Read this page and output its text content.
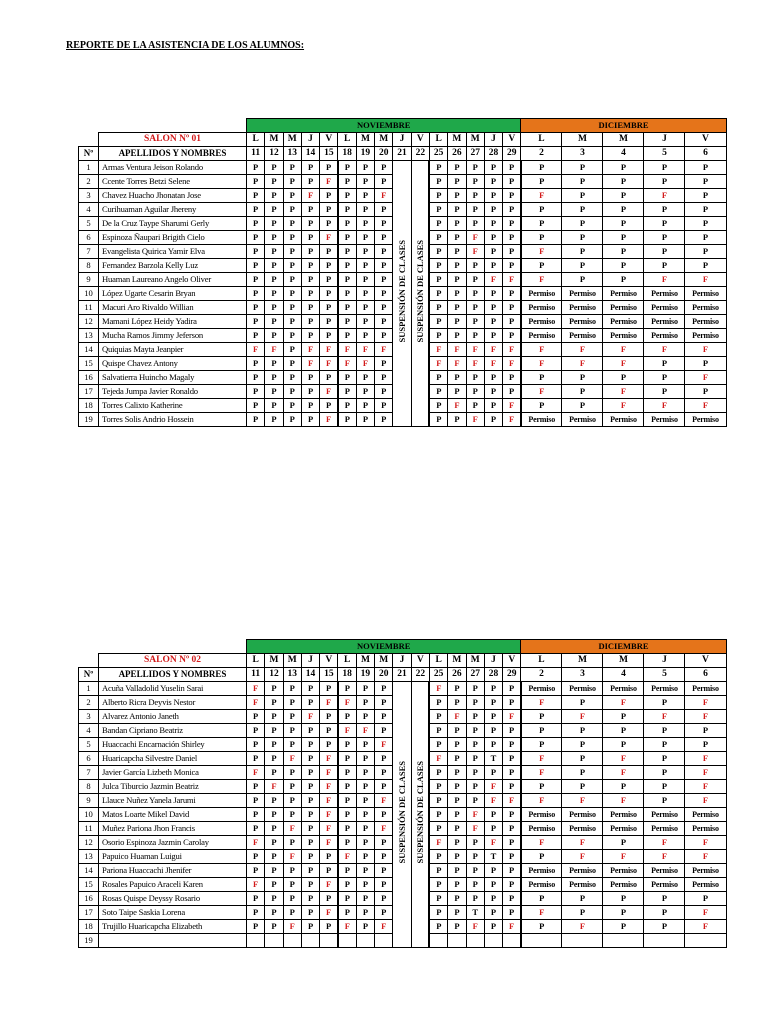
REPORTE DE LA ASISTENCIA DE LOS ALUMNOS:
		NOVIEMBRE															DICIEMBRE				
	SALON Nº 01	L	M	M	J	V	L	M	M	J	V	L	M	M	J	V	L	M	M	J	V
Nº	APELLIDOS Y NOMBRES	11	12	13	14	15	18	19	20	21	22	25	26	27	28	29	2	3	4	5	6
1	Armas Ventura Jeison Rolando	P	P	P	P	P	P	P	P	SUSPENSIÓN DE CLASES	SUSPENSIÓN DE CLASES	P	P	P	P	P	P	P	P	P	P
2	Ccente Torres Betzi Selene	P	P	P	P	F	P	P	P			P	P	P	P	P	P	P	P	P	P
3	Chavez Huacho Jhonatan Jose	P	P	P	F	P	P	P	F			P	P	P	P	P	F	P	P	F	P
4	Curihuaman Aguilar Jhereny	P	P	P	P	P	P	P	P			P	P	P	P	P	P	P	P	P	P
5	De la Cruz Taype Sharumi Gerly	P	P	P	P	P	P	P	P			P	P	P	P	P	P	P	P	P	P
6	Espinoza Ñaupari Brigith Cielo	P	P	P	P	F	P	P	P			P	P	F	P	P	P	P	P	P	P
7	Evangelista Quirica Yamir Elva	P	P	P	P	P	P	P	P			P	P	F	P	P	F	P	P	P	P
8	Fernandez Barzola Kelly Luz	P	P	P	P	P	P	P	P			P	P	P	P	P	P	P	P	P	P
9	Huaman Laureano Angelo Oliver	P	P	P	P	P	P	P	P			P	P	P	F	F	F	P	P	F	F
10	López Ugarte Cesarin Bryan	P	P	P	P	P	P	P	P			P	P	P	P	P	Permiso	Permiso	Permiso	Permiso	Permiso
11	Macuri Aro Rivaldo Willian	P	P	P	P	P	P	P	P			P	P	P	P	P	Permiso	Permiso	Permiso	Permiso	Permiso
12	Mamani López Heidy Yadira	P	P	P	P	P	P	P	P			P	P	P	P	P	Permiso	Permiso	Permiso	Permiso	Permiso
13	Mucha Ramos Jimmy Jeferson	P	P	P	P	P	P	P	P			P	P	P	P	P	Permiso	Permiso	Permiso	Permiso	Permiso
14	Quiquias Mayta Jeanpier	F	F	P	F	F	F	F	F			F	F	F	F	F	F	F	F	F	F
15	Quispe Chavez Antony	P	P	P	F	F	F	F	P			F	F	F	F	F	F	F	F	P	P
16	Salvatierra Huincho Magaly	P	P	P	P	P	P	P	P			P	P	P	P	P	P	P	P	P	F
17	Tejeda Jumpa Javier Ronaldo	P	P	P	P	F	P	P	P			P	P	P	P	P	F	P	F	P	P
18	Torres Calixto Katherine	P	P	P	P	P	P	P	P			P	F	P	P	F	P	P	F	F	F
19	Torres Solis Andrio Hossein	P	P	P	P	F	P	P	P			P	P	F	P	F	Permiso	Permiso	Permiso	Permiso	Permiso
		NOVIEMBRE															DICIEMBRE				
	SALON Nº 02	L	M	M	J	V	L	M	M	J	V	L	M	M	J	V	L	M	M	J	V
Nº	APELLIDOS Y NOMBRES	11	12	13	14	15	18	19	20	21	22	25	26	27	28	29	2	3	4	5	6
1	Acuña Valladolid Yuselin Sarai	F	P	P	P	P	P	P	P	SUSPENSIÓN DE CLASES	SUSPENSIÓN DE CLASES	F	P	P	P	P	Permiso	Permiso	Permiso	Permiso	Permiso
2	Alberto Ricra Deyvis Nestor	F	P	P	P	F	F	P	P			P	P	P	P	P	F	P	F	P	F
3	Alvarez Antonio Janeth	P	P	P	F	P	P	P	P			P	F	P	P	F	P	F	P	F	F
4	Bandan Cipriano Beatriz	P	P	P	P	P	F	F	P			P	P	P	P	P	P	P	P	P	P
5	Huaccachi Encarnación Shirley	P	P	P	P	P	P	P	F			P	P	P	P	P	P	P	P	P	P
6	Huaricapcha Silvestre Daniel	P	P	F	P	F	P	P	P			F	P	P	T	P	F	P	F	P	F
7	Javier García Lizbeth Monica	F	P	P	P	F	P	P	P			P	P	P	P	P	F	P	F	P	F
8	Julca Tiburcio Jazmin Beatriz	P	F	P	P	F	P	P	P			P	P	P	F	P	P	P	P	P	F
9	Llauce Nuñez Yanela Jarumi	P	P	P	P	F	P	P	F			P	P	P	F	F	F	F	F	P	F
10	Matos Loarte Mikel David	P	P	P	P	F	P	P	P			P	P	F	P	P	Permiso	Permiso	Permiso	Permiso	Permiso
11	Muñez Pariona Jhon Francis	P	P	F	P	F	P	P	F			P	P	F	P	P	Permiso	Permiso	Permiso	Permiso	Permiso
12	Osorio Espinoza Jazmin Carolay	F	P	P	P	F	P	P	P			F	P	P	F	P	F	F	P	F	F
13	Papuico Huaman Luigui	P	P	F	P	P	F	P	P			P	P	P	T	P	P	F	F	F	F
14	Pariona Huaccachi Jhenifer	P	P	P	P	P	P	P	P			P	P	P	P	P	Permiso	Permiso	Permiso	Permiso	Permiso
15	Rosales Papuico Araceli Karen	F	P	P	P	F	P	P	P			P	P	P	P	P	Permiso	Permiso	Permiso	Permiso	Permiso
16	Rosas Quispe Deyssy Rosario	P	P	P	P	P	P	P	P			P	P	P	P	P	P	P	P	P	P
17	Soto Taipe Saskia Lorena	P	P	P	P	F	P	P	P			P	P	T	P	P	F	P	P	P	F
18	Trujillo Huaricapcha Elizabeth	P	P	F	P	P	F	P	F			P	P	F	P	F	P	F	P	P	F
19																					
